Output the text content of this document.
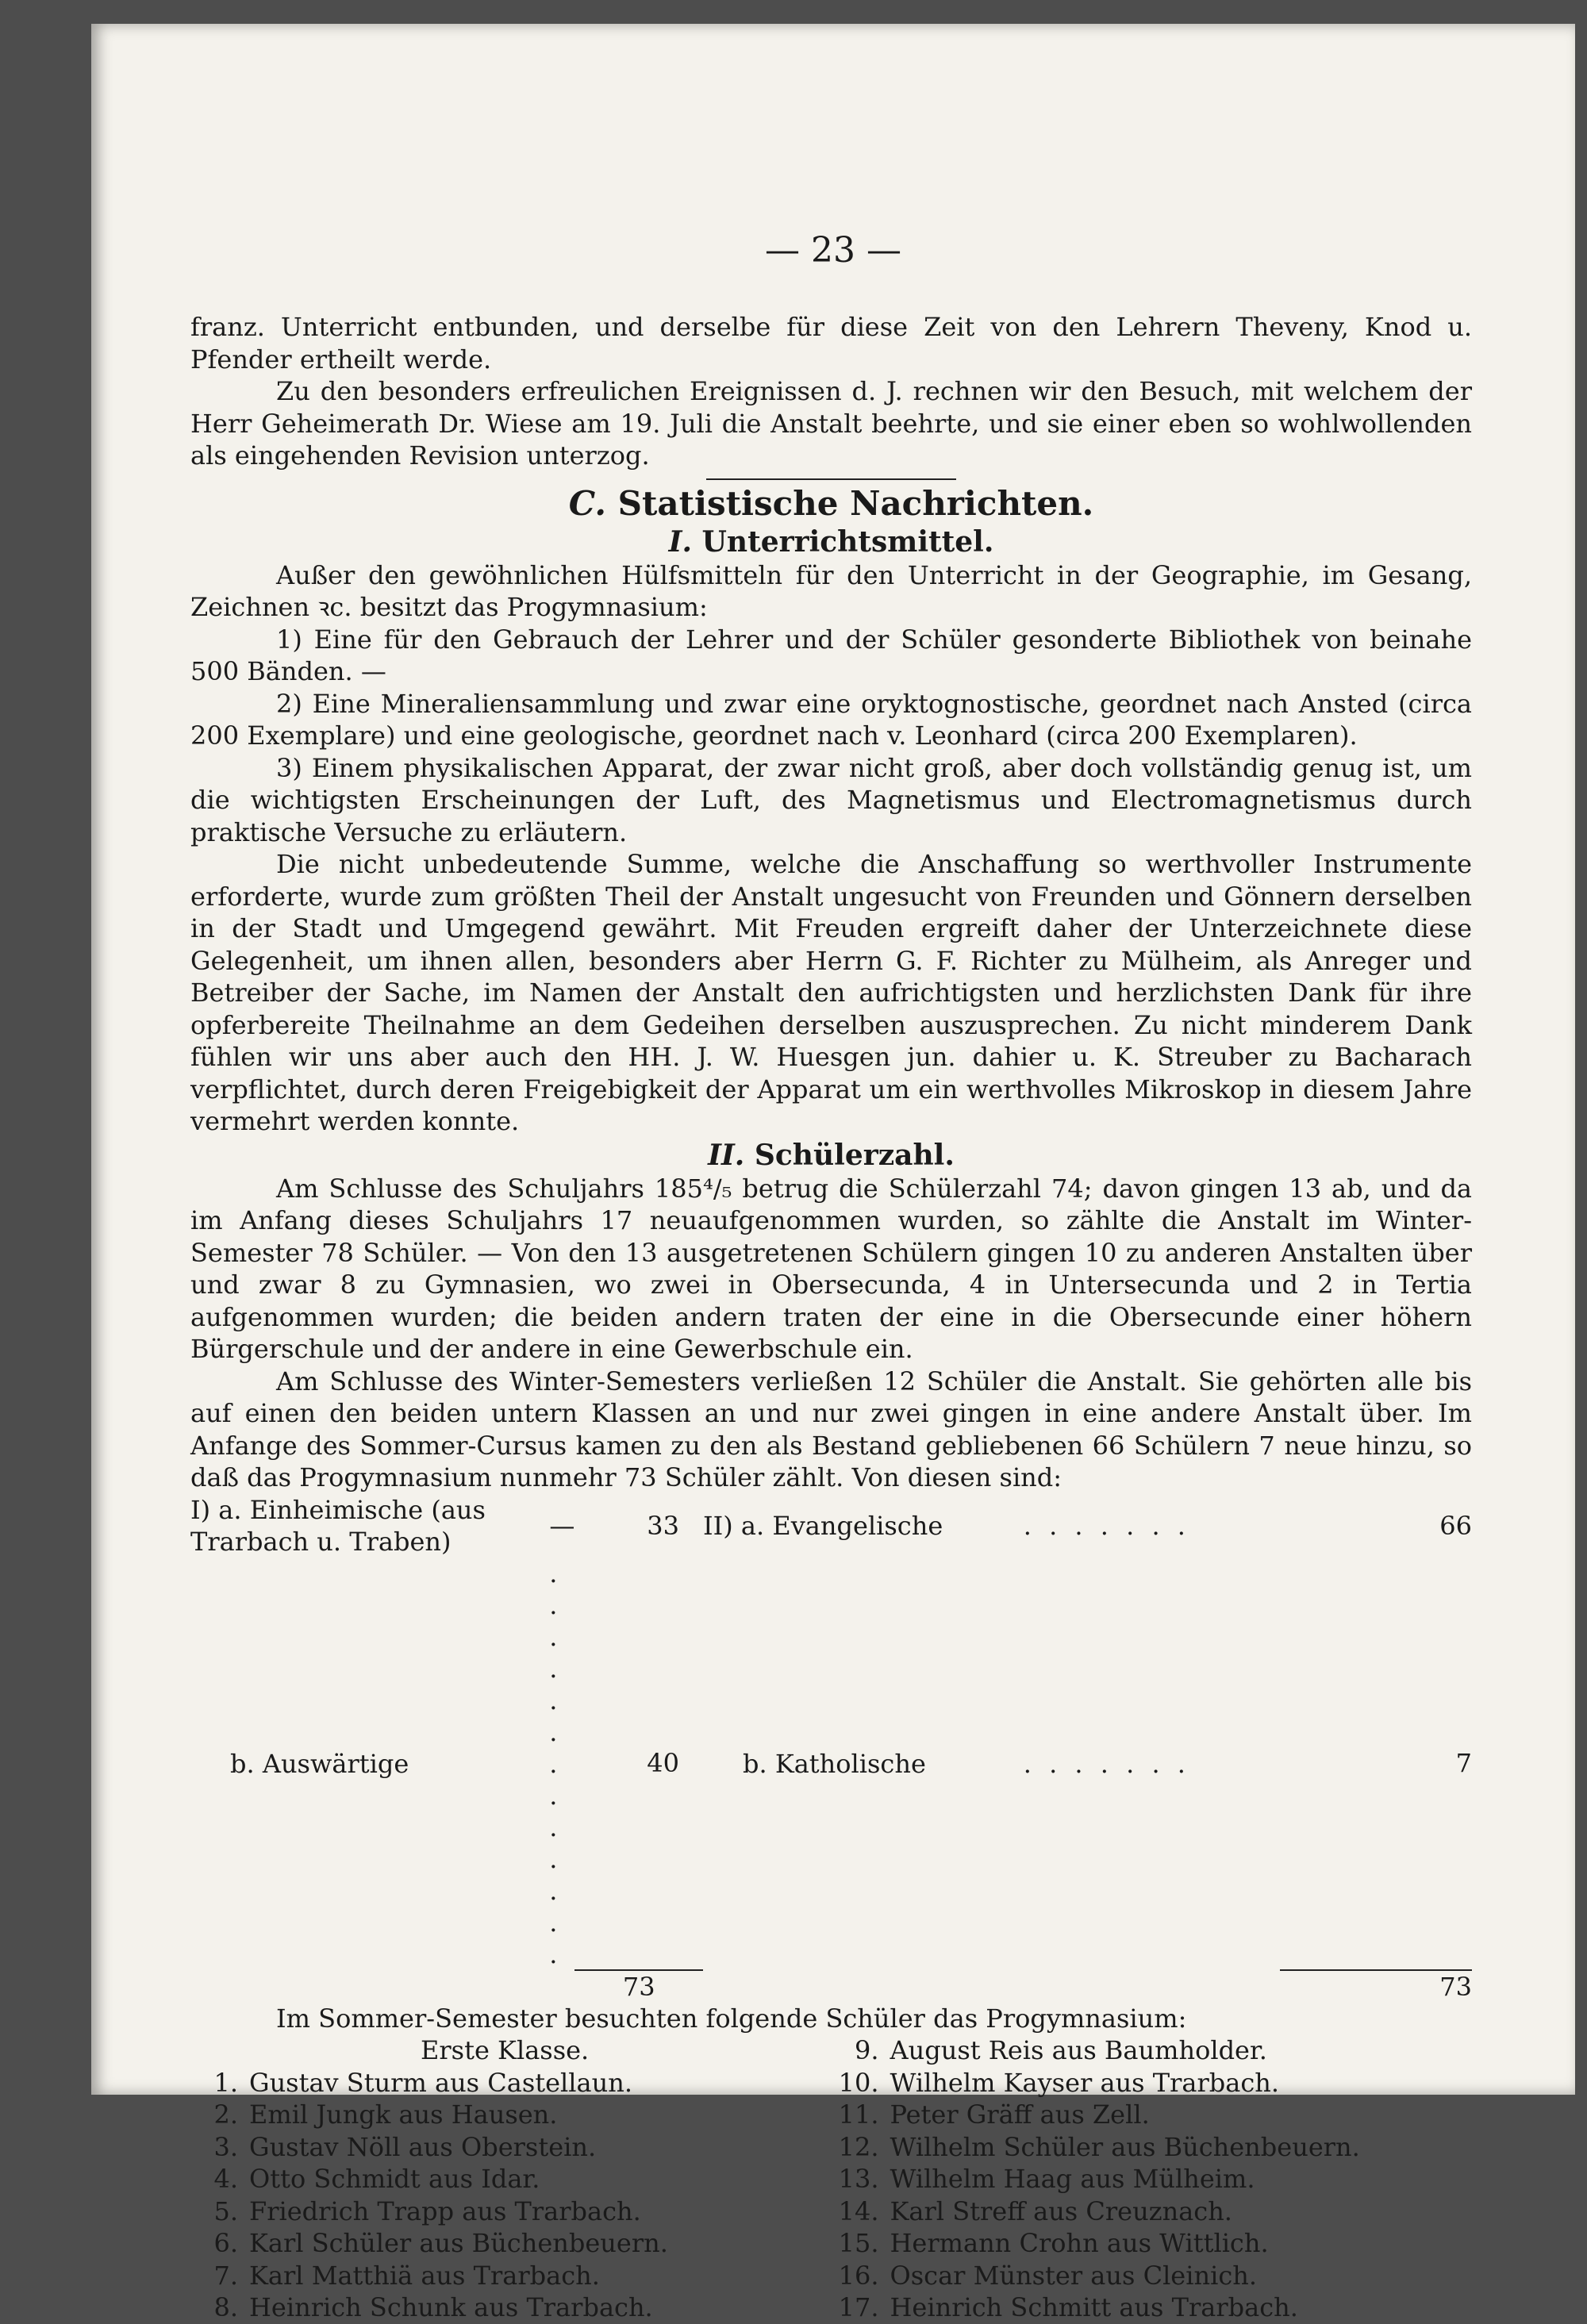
— 23 —

franz. Unterricht entbunden, und derselbe für diese Zeit von den Lehrern Theveny, Knod u. Pfender ertheilt werde.

Zu den besonders erfreulichen Ereignissen d. J. rechnen wir den Besuch, mit welchem der Herr Geheimerath Dr. Wiese am 19. Juli die Anstalt beehrte, und sie einer eben so wohlwollenden als eingehenden Revision unterzog.

C. Statistische Nachrichten.
I. Unterrichtsmittel.

Außer den gewöhnlichen Hülfsmitteln für den Unterricht in der Geographie, im Gesang, Zeichnen ꝛc. besitzt das Progymnasium:

1) Eine für den Gebrauch der Lehrer und der Schüler gesonderte Bibliothek von beinahe 500 Bänden. —

2) Eine Mineraliensammlung und zwar eine oryktognostische, geordnet nach Ansted (circa 200 Exemplare) und eine geologische, geordnet nach v. Leonhard (circa 200 Exemplaren).

3) Einem physikalischen Apparat, der zwar nicht groß, aber doch vollständig genug ist, um die wichtigsten Erscheinungen der Luft, des Magnetismus und Electromagnetismus durch praktische Versuche zu erläutern.

Die nicht unbedeutende Summe, welche die Anschaffung so werthvoller Instrumente erforderte, wurde zum größten Theil der Anstalt ungesucht von Freunden und Gönnern derselben in der Stadt und Umgegend gewährt. Mit Freuden ergreift daher der Unterzeichnete diese Gelegenheit, um ihnen allen, besonders aber Herrn G. F. Richter zu Mülheim, als Anreger und Betreiber der Sache, im Namen der Anstalt den aufrichtigsten und herzlichsten Dank für ihre opferbereite Theilnahme an dem Gedeihen derselben auszusprechen. Zu nicht minderem Dank fühlen wir uns aber auch den HH. J. W. Huesgen jun. dahier u. K. Streuber zu Bacharach verpflichtet, durch deren Freigebigkeit der Apparat um ein werthvolles Mikroskop in diesem Jahre vermehrt werden konnte.

II. Schülerzahl.

Am Schlusse des Schuljahrs 185⁴/₅ betrug die Schülerzahl 74; davon gingen 13 ab, und da im Anfang dieses Schuljahrs 17 neuaufgenommen wurden, so zählte die Anstalt im Winter-Semester 78 Schüler. — Von den 13 ausgetretenen Schülern gingen 10 zu anderen Anstalten über und zwar 8 zu Gymnasien, wo zwei in Obersecunda, 4 in Untersecunda und 2 in Tertia aufgenommen wurden; die beiden andern traten der eine in die Obersecunde einer höhern Bürgerschule und der andere in eine Gewerbschule ein.

Am Schlusse des Winter-Semesters verließen 12 Schüler die Anstalt. Sie gehörten alle bis auf einen den beiden untern Klassen an und nur zwei gingen in eine andere Anstalt über. Im Anfange des Sommer-Cursus kamen zu den als Bestand gebliebenen 66 Schülern 7 neue hinzu, so daß das Progymnasium nunmehr 73 Schüler zählt. Von diesen sind:

I) a. Einheimische (aus Trarbach u. Traben)	—	33	II) a. Evangelische	. . . . . . .	66
b. Auswärtige	. . . . . . . . . . . . .	40	b. Katholische	. . . . . . .	7
		73			73

Im Sommer-Semester besuchten folgende Schüler das Progymnasium:

Erste Klasse.
1. Gustav Sturm aus Castellaun.
2. Emil Jungk aus Hausen.
3. Gustav Nöll aus Oberstein.
4. Otto Schmidt aus Idar.
5. Friedrich Trapp aus Trarbach.
6. Karl Schüler aus Büchenbeuern.
7. Karl Matthiä aus Trarbach.
8. Heinrich Schunk aus Trarbach.
9. August Reis aus Baumholder.
10. Wilhelm Kayser aus Trarbach.
11. Peter Gräff aus Zell.
12. Wilhelm Schüler aus Büchenbeuern.
13. Wilhelm Haag aus Mülheim.
14. Karl Streff aus Creuznach.
15. Hermann Crohn aus Wittlich.
16. Oscar Münster aus Cleinich.
17. Heinrich Schmitt aus Trarbach.
